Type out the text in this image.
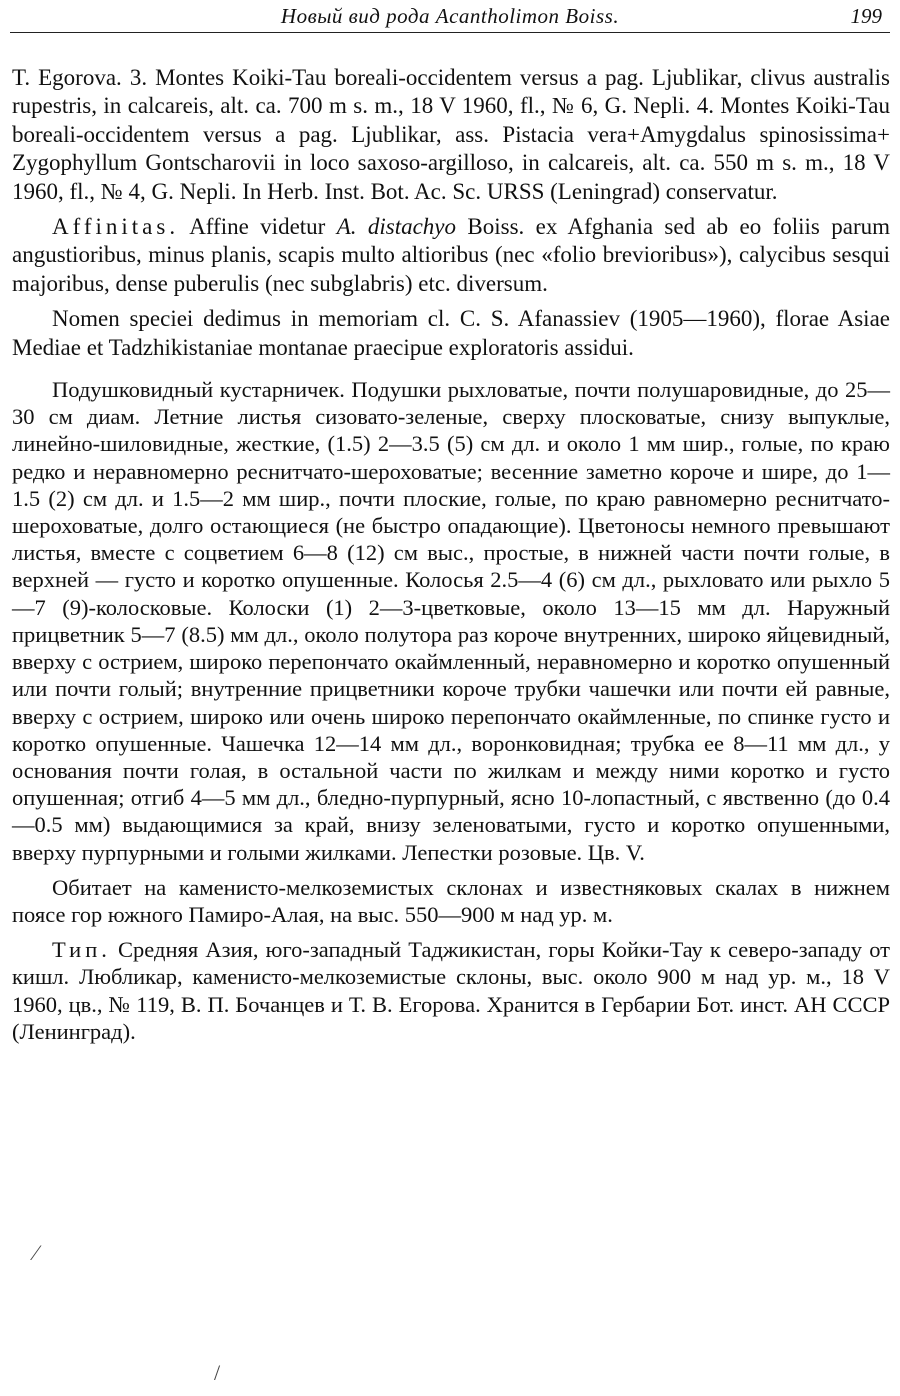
Новый вид рода Acantholimon Boiss.	199

T. Egorova. 3. Montes Koiki-Tau boreali-occidentem versus a pag. Ljublikar, clivus australis rupestris, in calcareis, alt. ca. 700 m s. m., 18 V 1960, fl., № 6, G. Nepli. 4. Montes Koiki-Tau boreali-occidentem versus a pag. Ljublikar, ass. Pistacia vera+Amygdalus spinosissima+ Zygophyllum Gontscharovii in loco saxoso-argilloso, in calcareis, alt. ca. 550 m s. m., 18 V 1960, fl., № 4, G. Nepli. In Herb. Inst. Bot. Ac. Sc. URSS (Leningrad) conservatur.

Affinitas. Affine videtur A. distachyo Boiss. ex Afghania sed ab eo foliis parum angustioribus, minus planis, scapis multo altioribus (nec «folio brevioribus»), calycibus sesqui majoribus, dense puberulis (nec subglabris) etc. diversum.

Nomen speciei dedimus in memoriam cl. C. S. Afanassiev (1905—1960), florae Asiae Mediae et Tadzhikistaniae montanae praecipue exploratoris assidui.

Подушковидный кустарничек. Подушки рыхловатые, почти полушаровидные, до 25—30 см диам. Летние листья сизовато-зеленые, сверху плосковатые, снизу выпуклые, линейно-шиловидные, жесткие, (1.5) 2—3.5 (5) см дл. и около 1 мм шир., голые, по краю редко и неравномерно реснитчато-шероховатые; весенние заметно короче и шире, до 1—1.5 (2) см дл. и 1.5—2 мм шир., почти плоские, голые, по краю равномерно реснитчато-шероховатые, долго остающиеся (не быстро опадающие). Цветоносы немного превышают листья, вместе с соцветием 6—8 (12) см выс., простые, в нижней части почти голые, в верхней — густо и коротко опушенные. Колосья 2.5—4 (6) см дл., рыхловато или рыхло 5—7 (9)-колосковые. Колоски (1) 2—3-цветковые, около 13—15 мм дл. Наружный прицветник 5—7 (8.5) мм дл., около полутора раз короче внутренних, широко яйцевидный, вверху с острием, широко перепончато окаймленный, неравномерно и коротко опушенный или почти голый; внутренние прицветники короче трубки чашечки или почти ей равные, вверху с острием, широко или очень широко перепончато окаймленные, по спинке густо и коротко опушенные. Чашечка 12—14 мм дл., воронковидная; трубка ее 8—11 мм дл., у основания почти голая, в остальной части по жилкам и между ними коротко и густо опушенная; отгиб 4—5 мм дл., бледно-пурпурный, ясно 10-лопастный, с явственно (до 0.4—0.5 мм) выдающимися за край, внизу зеленоватыми, густо и коротко опушенными, вверху пурпурными и голыми жилками. Лепестки розовые. Цв. V.

Обитает на каменисто-мелкоземистых склонах и известняковых скалах в нижнем поясе гор южного Памиро-Алая, на выс. 550—900 м над ур. м.

Тип. Средняя Азия, юго-западный Таджикистан, горы Койки-Тау к северо-западу от кишл. Любликар, каменисто-мелкоземистые склоны, выс. около 900 м над ур. м., 18 V 1960, цв., № 119, В. П. Бочанцев и Т. В. Егорова. Хранится в Гербарии Бот. инст. АН СССР (Ленинград).

⁄
/
